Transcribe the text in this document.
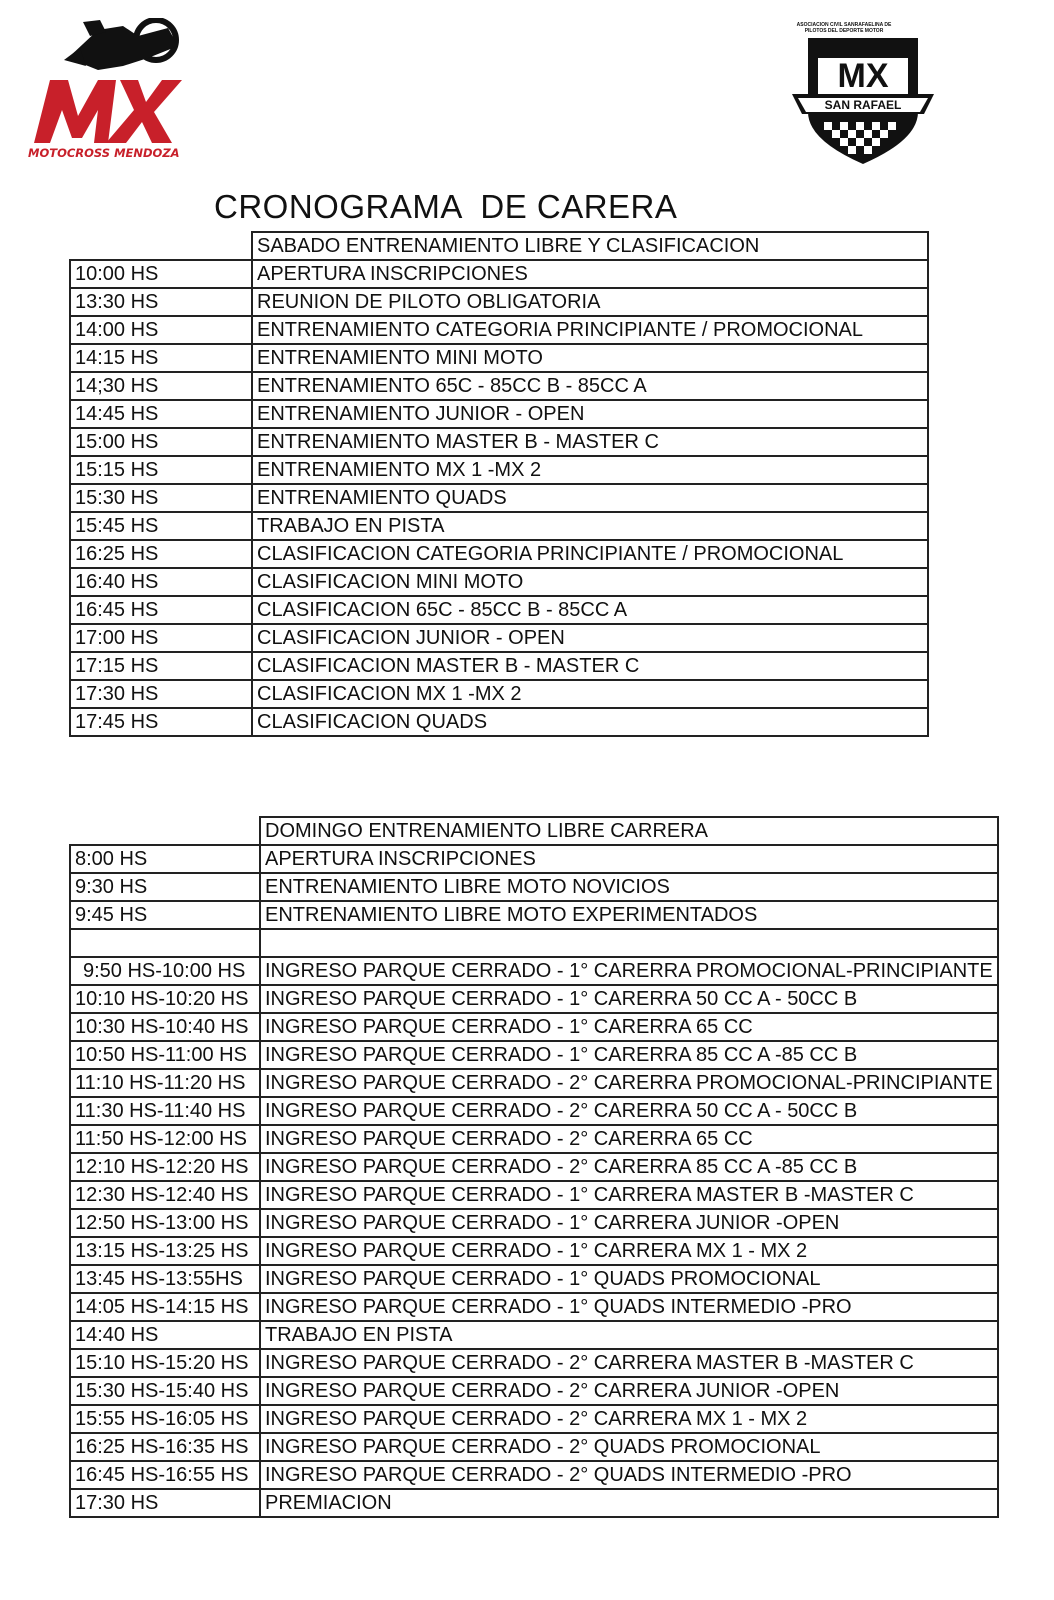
MOTOCROSS MENDOZA
ASOCIACION CIVIL SANRAFAELINA DE PILOTOS DEL DEPORTE MOTOR
MX
SAN RAFAEL
CRONOGRAMA  DE CARERA
	SABADO ENTRENAMIENTO LIBRE Y CLASIFICACION
10:00 HS	APERTURA INSCRIPCIONES
13:30 HS	REUNION DE PILOTO OBLIGATORIA
14:00 HS	ENTRENAMIENTO CATEGORIA PRINCIPIANTE / PROMOCIONAL
14:15 HS	ENTRENAMIENTO MINI MOTO
14;30 HS	ENTRENAMIENTO 65C - 85CC B - 85CC A
14:45 HS	ENTRENAMIENTO JUNIOR - OPEN
15:00 HS	ENTRENAMIENTO MASTER B - MASTER C
15:15 HS	ENTRENAMIENTO MX 1 -MX 2
15:30 HS	ENTRENAMIENTO QUADS
15:45 HS	TRABAJO EN PISTA
16:25 HS	CLASIFICACION CATEGORIA PRINCIPIANTE / PROMOCIONAL
16:40 HS	CLASIFICACION MINI MOTO
16:45 HS	CLASIFICACION 65C - 85CC B - 85CC A
17:00 HS	CLASIFICACION JUNIOR - OPEN
17:15 HS	CLASIFICACION MASTER B - MASTER C
17:30 HS	CLASIFICACION MX 1 -MX 2
17:45 HS	CLASIFICACION QUADS
	DOMINGO ENTRENAMIENTO LIBRE CARRERA
8:00 HS	APERTURA INSCRIPCIONES
9:30 HS	ENTRENAMIENTO LIBRE MOTO NOVICIOS
9:45 HS	ENTRENAMIENTO LIBRE MOTO EXPERIMENTADOS

9:50 HS-10:00 HS	INGRESO PARQUE CERRADO - 1° CARERRA PROMOCIONAL-PRINCIPIANTE
10:10 HS-10:20 HS	INGRESO PARQUE CERRADO - 1° CARERRA 50 CC A - 50CC B
10:30 HS-10:40 HS	INGRESO PARQUE CERRADO - 1° CARERRA 65 CC
10:50 HS-11:00 HS	INGRESO PARQUE CERRADO - 1° CARERRA 85 CC A -85 CC B
11:10 HS-11:20 HS	INGRESO PARQUE CERRADO - 2° CARERRA PROMOCIONAL-PRINCIPIANTE
11:30 HS-11:40 HS	INGRESO PARQUE CERRADO - 2° CARERRA 50 CC A - 50CC B
11:50 HS-12:00 HS	INGRESO PARQUE CERRADO - 2° CARERRA 65 CC
12:10 HS-12:20 HS	INGRESO PARQUE CERRADO - 2° CARERRA 85 CC A -85 CC B
12:30 HS-12:40 HS	INGRESO PARQUE CERRADO - 1° CARRERA MASTER B -MASTER C
12:50 HS-13:00 HS	INGRESO PARQUE CERRADO - 1° CARRERA JUNIOR -OPEN
13:15 HS-13:25 HS	INGRESO PARQUE CERRADO - 1° CARRERA MX 1 - MX 2
13:45 HS-13:55HS	INGRESO PARQUE CERRADO - 1° QUADS PROMOCIONAL
14:05 HS-14:15 HS	INGRESO PARQUE CERRADO - 1° QUADS INTERMEDIO -PRO
14:40 HS	TRABAJO EN PISTA
15:10 HS-15:20 HS	INGRESO PARQUE CERRADO - 2° CARRERA MASTER B -MASTER C
15:30 HS-15:40 HS	INGRESO PARQUE CERRADO - 2° CARRERA JUNIOR -OPEN
15:55 HS-16:05 HS	INGRESO PARQUE CERRADO - 2° CARRERA MX 1 - MX 2
16:25 HS-16:35 HS	INGRESO PARQUE CERRADO - 2° QUADS PROMOCIONAL
16:45 HS-16:55 HS	INGRESO PARQUE CERRADO - 2° QUADS INTERMEDIO -PRO
17:30 HS	PREMIACION
